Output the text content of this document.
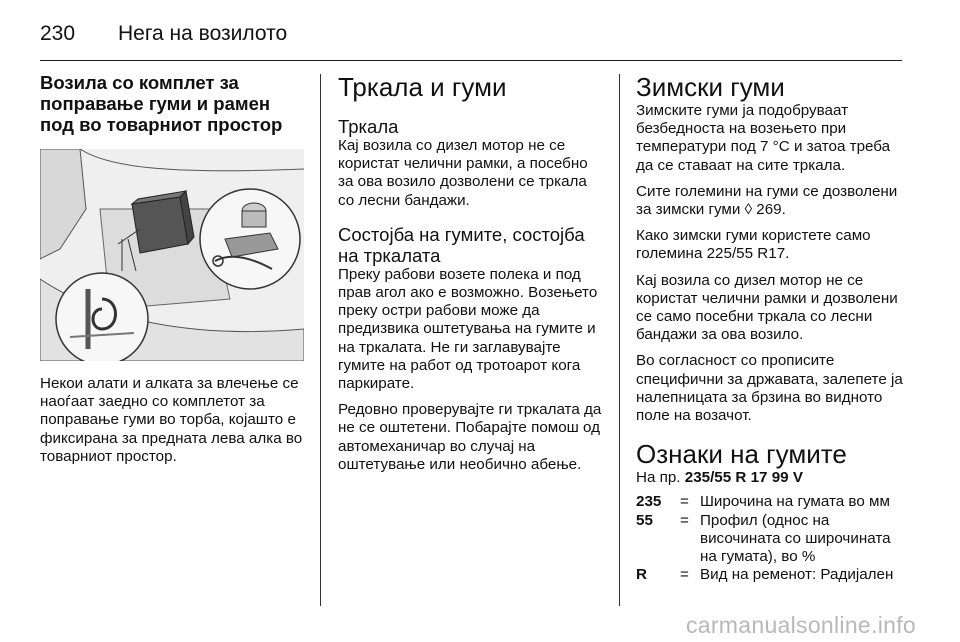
230	Нега на возилото
Возила со комплет за поправање гуми и рамен под во товарниот простор

Некои алати и алката за влечење се наоѓаат заедно со комплетот за поправање гуми во торба, којашто е фиксирана за предната лева алка во товарниот простор.

Тркала и гуми
Тркала

Кај возила со дизел мотор не се користат челични рамки, а посебно за ова возило дозволени се тркала со лесни бандажи.

Состојба на гумите, состојба на тркалата

Преку рабови возете полека и под прав агол ако е возможно. Возењето преку остри рабови може да предизвика оштетувања на гумите и на тркалата. Не ги заглавувајте гумите на работ од тротоарот кога паркирате.

Редовно проверувајте ги тркалата да не се оштетени. Побарајте помош од автомеханичар во случај на оштетување или необично абење.

Зимски гуми

Зимските гуми ја подобруваат безбедноста на возењето при температури под 7 °C и затоа треба да се ставаат на сите тркала.

Сите големини на гуми се дозволени за зимски гуми ◊ 269.

Како зимски гуми користете само големина 225/55 R17.

Кај возила со дизел мотор не се користат челични рамки и дозволени се само посебни тркала со лесни бандажи за ова возило.

Во согласност со прописите специфични за државата, залепете ја налепницата за брзина во видното поле на возачот.

Ознаки на гумите

На пр. 235/55 R 17 99 V

235	= Широчина на гумата во мм
55	= Профил (однос на височината со широчината на гумата), во %
R	= Вид на ременот: Радијален
carmanualsonline.info
